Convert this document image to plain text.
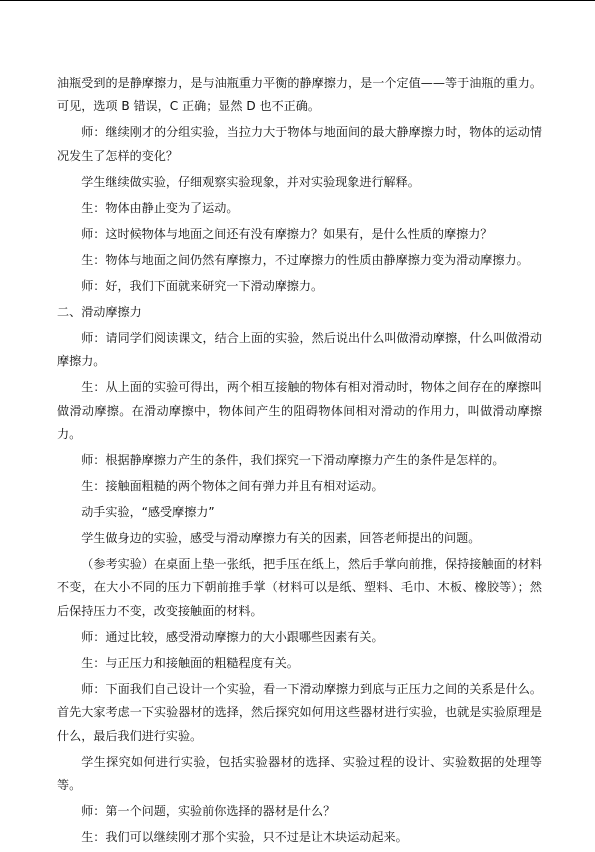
油瓶受到的是静摩擦力，是与油瓶重力平衡的静摩擦力，是一个定值——等于油瓶的重力。可见，选项 B 错误，C 正确；显然 D 也不正确。

师：继续刚才的分组实验，当拉力大于物体与地面间的最大静摩擦力时，物体的运动情况发生了怎样的变化？

学生继续做实验，仔细观察实验现象，并对实验现象进行解释。

生：物体由静止变为了运动。

师：这时候物体与地面之间还有没有摩擦力？如果有，是什么性质的摩擦力？

生：物体与地面之间仍然有摩擦力，不过摩擦力的性质由静摩擦力变为滑动摩擦力。

师：好，我们下面就来研究一下滑动摩擦力。

二、滑动摩擦力

师：请同学们阅读课文，结合上面的实验，然后说出什么叫做滑动摩擦，什么叫做滑动摩擦力。

生：从上面的实验可得出，两个相互接触的物体有相对滑动时，物体之间存在的摩擦叫做滑动摩擦。在滑动摩擦中，物体间产生的阻碍物体间相对滑动的作用力，叫做滑动摩擦力。

师：根据静摩擦力产生的条件，我们探究一下滑动摩擦力产生的条件是怎样的。

生：接触面粗糙的两个物体之间有弹力并且有相对运动。

动手实验，“感受摩擦力”

学生做身边的实验，感受与滑动摩擦力有关的因素，回答老师提出的问题。

（参考实验）在桌面上垫一张纸，把手压在纸上，然后手掌向前推，保持接触面的材料不变，在大小不同的压力下朝前推手掌（材料可以是纸、塑料、毛巾、木板、橡胶等）；然后保持压力不变，改变接触面的材料。

师：通过比较，感受滑动摩擦力的大小跟哪些因素有关。

生：与正压力和接触面的粗糙程度有关。

师：下面我们自己设计一个实验，看一下滑动摩擦力到底与正压力之间的关系是什么。首先大家考虑一下实验器材的选择，然后探究如何用这些器材进行实验，也就是实验原理是什么，最后我们进行实验。

学生探究如何进行实验，包括实验器材的选择、实验过程的设计、实验数据的处理等等。

师：第一个问题，实验前你选择的器材是什么？

生：我们可以继续刚才那个实验，只不过是让木块运动起来。
